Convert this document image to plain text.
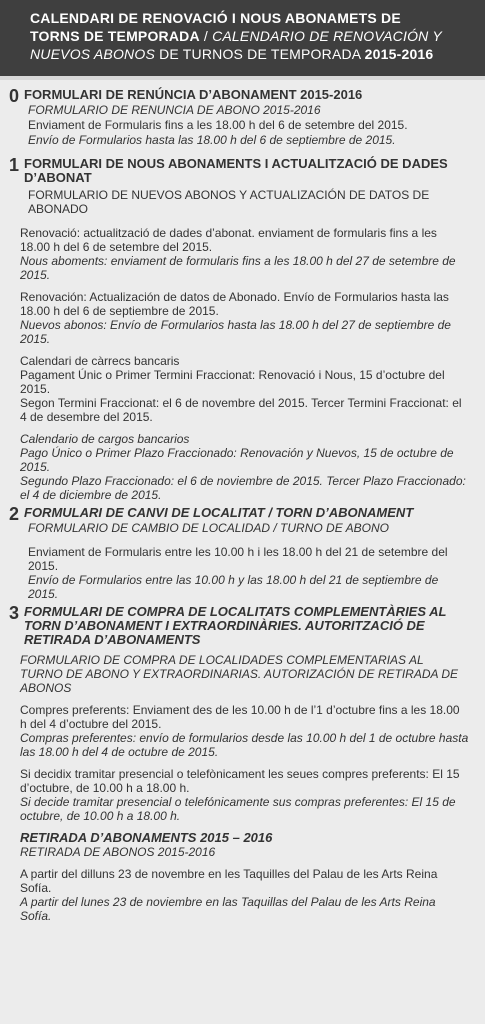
CALENDARI DE RENOVACIÓ I NOUS ABONAMETS DE
TORNS DE TEMPORADA / CALENDARIO DE RENOVACIÓN Y
NUEVOS ABONOS DE TURNOS DE TEMPORADA 2015-2016
0 FORMULARI DE RENÚNCIA D’ABONAMENT 2015-2016
FORMULARIO DE RENUNCIA DE ABONO 2015-2016
Enviament de Formularis fins a les 18.00 h del 6 de setembre del 2015.
Envío de Formularios hasta las 18.00 h del 6 de septiembre de 2015.
1 FORMULARI DE NOUS ABONAMENTS I ACTUALITZACIÓ DE DADES D’ABONAT
FORMULARIO DE NUEVOS ABONOS Y ACTUALIZACIÓN DE DATOS DE ABONADO

Renovació: actualització de dades d’abonat. enviament de formularis fins a les 18.00 h del 6 de setembre del 2015.

Nous aboments: enviament de formularis fins a les 18.00 h del 27 de setembre de 2015.

Renovación: Actualización de datos de Abonado. Envío de Formularios hasta las 18.00 h del 6 de septiembre de 2015.

Nuevos abonos: Envío de Formularios hasta las 18.00 h del 27 de septiembre de 2015.

Calendari de càrrecs bancaris

Pagament Únic o Primer Termini Fraccionat: Renovació i Nous, 15 d’octubre del 2015.

Segon Termini Fraccionat: el 6 de novembre del 2015. Tercer Termini Fraccionat: el 4 de desembre del 2015.

Calendario de cargos bancarios

Pago Único o Primer Plazo Fraccionado: Renovación y Nuevos, 15 de octubre de 2015.

Segundo Plazo Fraccionado: el 6 de noviembre de 2015. Tercer Plazo Fraccionado: el 4 de diciembre de 2015.

2 FORMULARI DE CANVI DE LOCALITAT / TORN D’ABONAMENT
FORMULARIO DE CAMBIO DE LOCALIDAD / TURNO DE ABONO

Enviament de Formularis entre les 10.00 h i les 18.00 h del 21 de setembre del 2015.

Envío de Formularios entre las 10.00 h y las 18.00 h del 21 de septiembre de 2015.

3 FORMULARI DE COMPRA DE LOCALITATS COMPLEMENTÀRIES AL TORN D’ABONAMENT I EXTRAORDINÀRIES. AUTORITZACIÓ DE RETIRADA D’ABONAMENTS

FORMULARIO DE COMPRA DE LOCALIDADES COMPLEMENTARIAS AL TURNO DE ABONO Y EXTRAORDINARIAS. AUTORIZACIÓN DE RETIRADA DE ABONOS

Compres preferents: Enviament des de les 10.00 h de l’1 d’octubre fins a les 18.00 h del 4 d’octubre del 2015.

Compras preferentes: envío de formularios desde las 10.00 h del 1 de octubre hasta las 18.00 h del 4 de octubre de 2015.

Si decidix tramitar presencial o telefònicament les seues compres preferents: El 15 d’octubre, de 10.00 h a 18.00 h.

Si decide tramitar presencial o telefónicamente sus compras preferentes: El 15 de octubre, de 10.00 h a 18.00 h.

RETIRADA D’ABONAMENTS 2015 – 2016

RETIRADA DE ABONOS 2015-2016

A partir del dilluns 23 de novembre en les Taquilles del Palau de les Arts Reina Sofía.

A partir del lunes 23 de noviembre en las Taquillas del Palau de les Arts Reina Sofía.
